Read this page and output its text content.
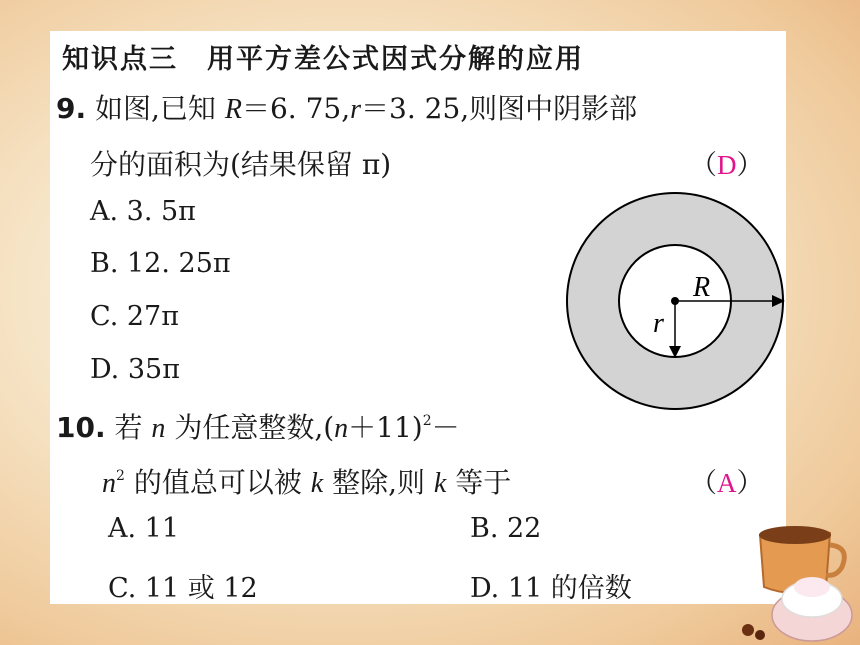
知识点三　用平方差公式因式分解的应用
9. 如图,已知 R＝6. 75,r＝3. 25,则图中阴影部
分的面积为(结果保留 π)	（D）
A. 3. 5π
B. 12. 25π
C. 27π
D. 35π
10. 若 n 为任意整数$,(n+11)^2-$
$n^2$ 的值总可以被 k 整除,则 k 等于	（A）
A. 11	B. 22
C. 11 或 12	D. 11 的倍数
R
r
